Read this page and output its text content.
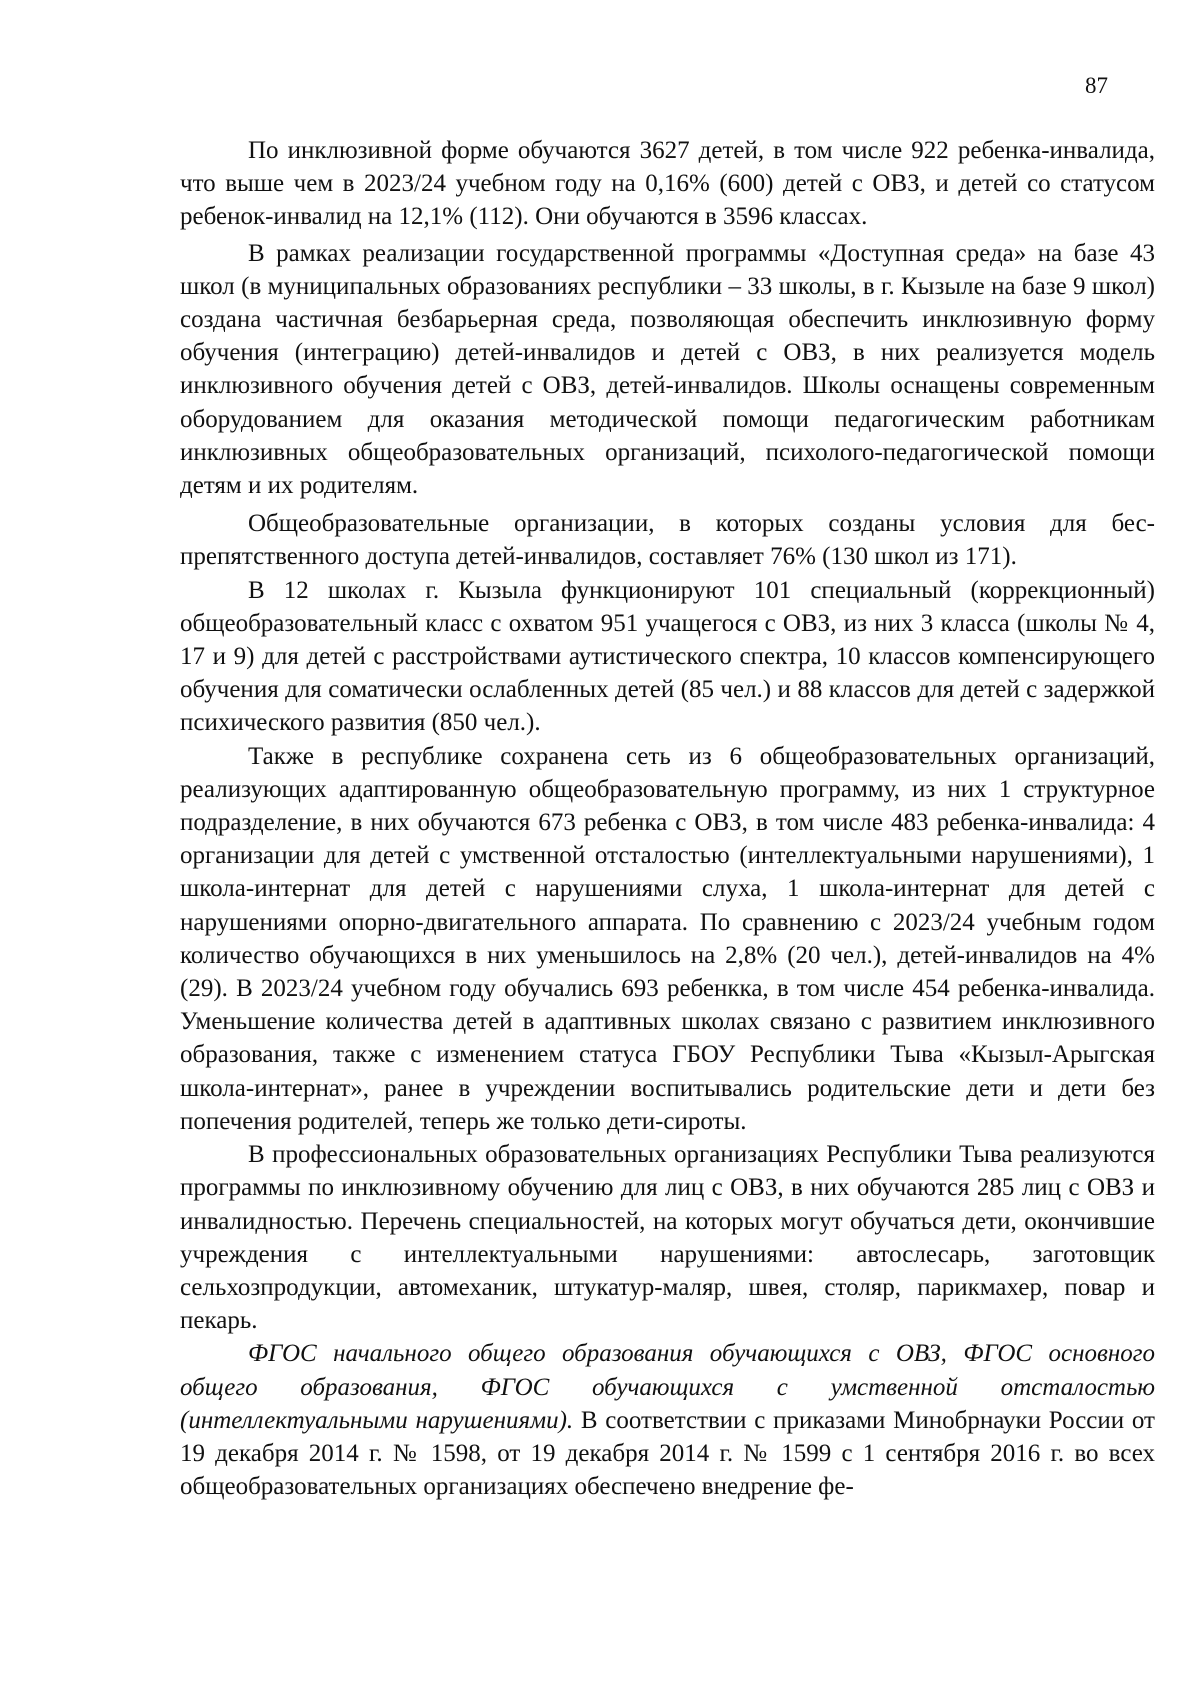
87

По инклюзивной форме обучаются 3627 детей, в том числе 922 ребенка-инвалида, что выше чем в 2023/24 учебном году на 0,16% (600) детей с ОВЗ, и детей со статусом ребенок-инвалид на 12,1% (112). Они обучаются в 3596 классах.

В рамках реализации государственной программы «Доступная среда» на базе 43 школ (в муниципальных образованиях республики – 33 школы, в г. Кызыле на базе 9 школ) создана частичная безбарьерная среда, позволяющая обеспечить инклюзивную форму обучения (интеграцию) детей-инвалидов и детей с ОВЗ, в них реализуется модель инклюзивного обучения детей с ОВЗ, детей-инвалидов. Школы оснащены современным оборудованием для оказания методической помощи педагогическим работникам инклюзивных общеобразовательных организаций, психолого-педагогической помощи детям и их родителям.

Общеобразовательные организации, в которых созданы условия для беспрепятственного доступа детей-инвалидов, составляет 76% (130 школ из 171).

В 12 школах г. Кызыла функционируют 101 специальный (коррекционный) общеобразовательный класс с охватом 951 учащегося с ОВЗ, из них 3 класса (школы № 4, 17 и 9) для детей с расстройствами аутистического спектра, 10 классов компенсирующего обучения для соматически ослабленных детей (85 чел.) и 88 классов для детей с задержкой психического развития (850 чел.).

Также в республике сохранена сеть из 6 общеобразовательных организаций, реализующих адаптированную общеобразовательную программу, из них 1 структурное подразделение, в них обучаются 673 ребенка с ОВЗ, в том числе 483 ребенка-инвалида: 4 организации для детей с умственной отсталостью (интеллектуальными нарушениями), 1 школа-интернат для детей с нарушениями слуха, 1 школа-интернат для детей с нарушениями опорно-двигательного аппарата. По сравнению с 2023/24 учебным годом количество обучающихся в них уменьшилось на 2,8% (20 чел.), детей-инвалидов на 4% (29). В 2023/24 учебном году обучались 693 ребенкка, в том числе 454 ребенка-инвалида. Уменьшение количества детей в адаптивных школах связано с развитием инклюзивного образования, также с изменением статуса ГБОУ Республики Тыва «Кызыл-Арыгская школа-интернат», ранее в учреждении воспитывались родительские дети и дети без попечения родителей, теперь же только дети-сироты.

В профессиональных образовательных организациях Республики Тыва реализуются программы по инклюзивному обучению для лиц с ОВЗ, в них обучаются 285 лиц с ОВЗ и инвалидностью. Перечень специальностей, на которых могут обучаться дети, окончившие учреждения с интеллектуальными нарушениями: автослесарь, заготовщик сельхозпродукции, автомеханик, штукатур-маляр, швея, столяр, парикмахер, повар и пекарь.

ФГОС начального общего образования обучающихся с ОВЗ, ФГОС основного общего образования, ФГОС обучающихся с умственной отсталостью (интеллектуальными нарушениями). В соответствии с приказами Минобрнауки России от 19 декабря 2014 г. № 1598, от 19 декабря 2014 г. № 1599 с 1 сентября 2016 г. во всех общеобразовательных организациях обеспечено внедрение фе-
